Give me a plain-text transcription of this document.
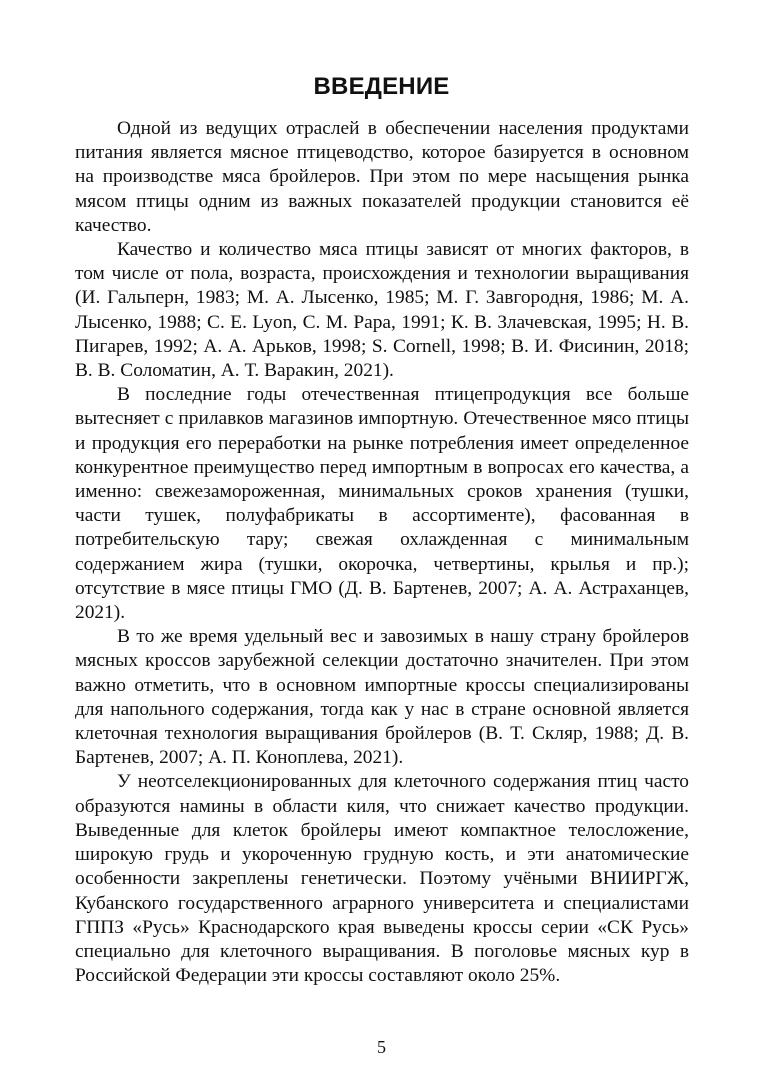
ВВЕДЕНИЕ

Одной из ведущих отраслей в обеспечении населения продуктами питания является мясное птицеводство, которое базируется в основном на производстве мяса бройлеров. При этом по мере насыщения рынка мясом птицы одним из важных показателей продукции становится её качество.

Качество и количество мяса птицы зависят от многих факторов, в том числе от пола, возраста, происхождения и технологии выращивания (И. Гальперн, 1983; М. А. Лысенко, 1985; М. Г. Завгородня, 1986; М. А. Лысенко, 1988; С. Е. Lyon, С. М. Papa, 1991; К. В. Злачевская, 1995; Н. В. Пигарев, 1992; А. А. Арьков, 1998; S. Cornell, 1998; В. И. Фисинин, 2018; В. В. Соломатин, А. Т. Варакин, 2021).

В последние годы отечественная птицепродукция все больше вытесняет с прилавков магазинов импортную. Отечественное мясо птицы и продукция его переработки на рынке потребления имеет определенное конкурентное преимущество перед импортным в вопросах его качества, а именно: свежезамороженная, минимальных сроков хранения (тушки, части тушек, полуфабрикаты в ассортименте), фасованная в потребительскую тару; свежая охлажденная с минимальным содержанием жира (тушки, окорочка, четвертины, крылья и пр.); отсутствие в мясе птицы ГМО (Д. В. Бартенев, 2007; А. А. Астраханцев, 2021).

В то же время удельный вес и завозимых в нашу страну бройлеров мясных кроссов зарубежной селекции достаточно значителен. При этом важно отметить, что в основном импортные кроссы специализированы для напольного содержания, тогда как у нас в стране основной является клеточная технология выращивания бройлеров (В. Т. Скляр, 1988; Д. В. Бартенев, 2007; А. П. Коноплева, 2021).

У неотселекционированных для клеточного содержания птиц часто образуются намины в области киля, что снижает качество продукции. Выведенные для клеток бройлеры имеют компактное телосложение, широкую грудь и укороченную грудную кость, и эти анатомические особенности закреплены генетически. Поэтому учёными ВНИИРГЖ, Кубанского государственного аграрного университета и специалистами ГППЗ «Русь» Краснодарского края выведены кроссы серии «СК Русь» специально для клеточного выращивания. В поголовье мясных кур в Российской Федерации эти кроссы составляют около 25%.

5
